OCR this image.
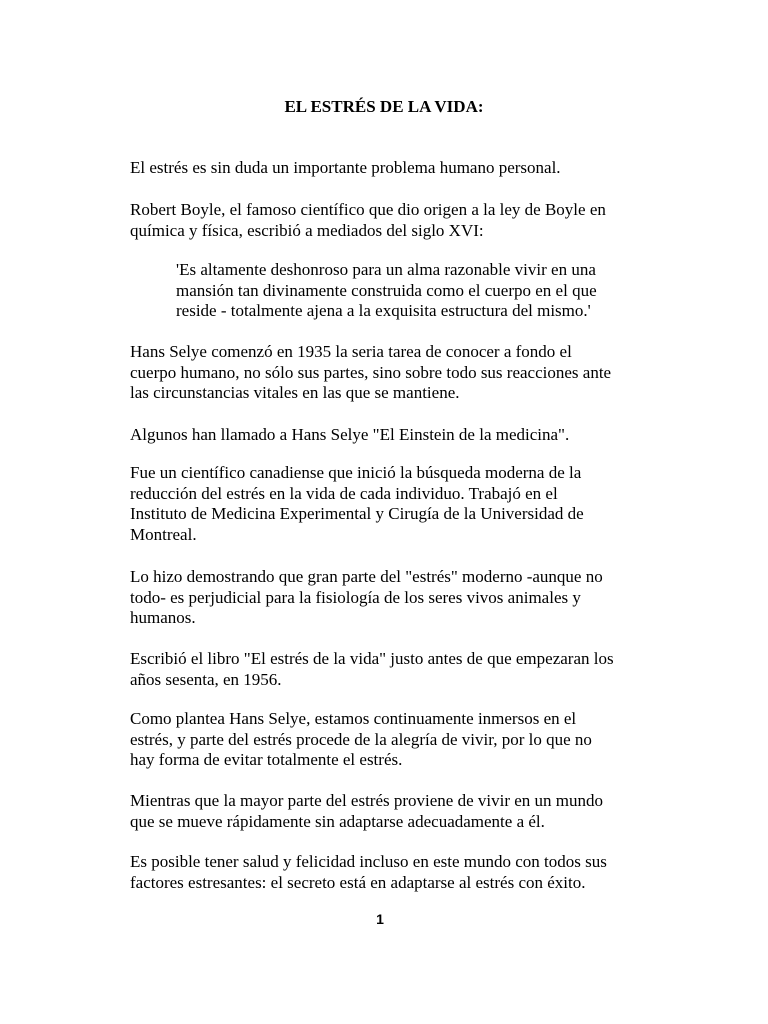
EL ESTRÉS DE LA VIDA:

El estrés es sin duda un importante problema humano personal.

Robert Boyle, el famoso científico que dio origen a la ley de Boyle en
química y física, escribió a mediados del siglo XVI:

'Es altamente deshonroso para un alma razonable vivir en una
mansión tan divinamente construida como el cuerpo en el que
reside - totalmente ajena a la exquisita estructura del mismo.'

Hans Selye comenzó en 1935 la seria tarea de conocer a fondo el
cuerpo humano, no sólo sus partes, sino sobre todo sus reacciones ante
las circunstancias vitales en las que se mantiene.

Algunos han llamado a Hans Selye "El Einstein de la medicina".

Fue un científico canadiense que inició la búsqueda moderna de la
reducción del estrés en la vida de cada individuo. Trabajó en el
Instituto de Medicina Experimental y Cirugía de la Universidad de
Montreal.

Lo hizo demostrando que gran parte del "estrés" moderno -aunque no
todo- es perjudicial para la fisiología de los seres vivos animales y
humanos.

Escribió el libro "El estrés de la vida" justo antes de que empezaran los
años sesenta, en 1956.

Como plantea Hans Selye, estamos continuamente inmersos en el
estrés, y parte del estrés procede de la alegría de vivir, por lo que no
hay forma de evitar totalmente el estrés.

Mientras que la mayor parte del estrés proviene de vivir en un mundo
que se mueve rápidamente sin adaptarse adecuadamente a él.

Es posible tener salud y felicidad incluso en este mundo con todos sus
factores estresantes: el secreto está en adaptarse al estrés con éxito.

1
